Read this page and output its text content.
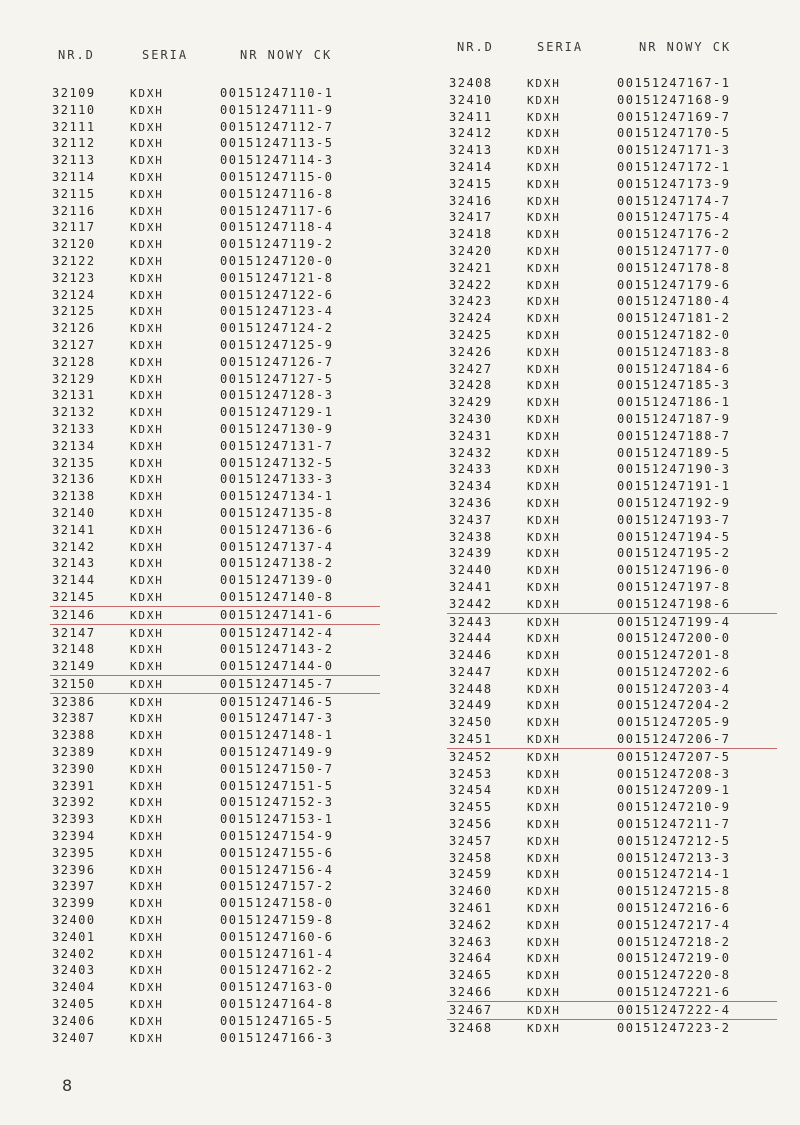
NR.D	SERIA	NR NOWY CK
32109	KDXH	00151247110-1
32110	KDXH	00151247111-9
32111	KDXH	00151247112-7
32112	KDXH	00151247113-5
32113	KDXH	00151247114-3
32114	KDXH	00151247115-0
32115	KDXH	00151247116-8
32116	KDXH	00151247117-6
32117	KDXH	00151247118-4
32120	KDXH	00151247119-2
32122	KDXH	00151247120-0
32123	KDXH	00151247121-8
32124	KDXH	00151247122-6
32125	KDXH	00151247123-4
32126	KDXH	00151247124-2
32127	KDXH	00151247125-9
32128	KDXH	00151247126-7
32129	KDXH	00151247127-5
32131	KDXH	00151247128-3
32132	KDXH	00151247129-1
32133	KDXH	00151247130-9
32134	KDXH	00151247131-7
32135	KDXH	00151247132-5
32136	KDXH	00151247133-3
32138	KDXH	00151247134-1
32140	KDXH	00151247135-8
32141	KDXH	00151247136-6
32142	KDXH	00151247137-4
32143	KDXH	00151247138-2
32144	KDXH	00151247139-0
32145	KDXH	00151247140-8
32146	KDXH	00151247141-6
32147	KDXH	00151247142-4
32148	KDXH	00151247143-2
32149	KDXH	00151247144-0
32150	KDXH	00151247145-7
32386	KDXH	00151247146-5
32387	KDXH	00151247147-3
32388	KDXH	00151247148-1
32389	KDXH	00151247149-9
32390	KDXH	00151247150-7
32391	KDXH	00151247151-5
32392	KDXH	00151247152-3
32393	KDXH	00151247153-1
32394	KDXH	00151247154-9
32395	KDXH	00151247155-6
32396	KDXH	00151247156-4
32397	KDXH	00151247157-2
32399	KDXH	00151247158-0
32400	KDXH	00151247159-8
32401	KDXH	00151247160-6
32402	KDXH	00151247161-4
32403	KDXH	00151247162-2
32404	KDXH	00151247163-0
32405	KDXH	00151247164-8
32406	KDXH	00151247165-5
32407	KDXH	00151247166-3
NR.D	SERIA	NR NOWY CK
32408	KDXH	00151247167-1
32410	KDXH	00151247168-9
32411	KDXH	00151247169-7
32412	KDXH	00151247170-5
32413	KDXH	00151247171-3
32414	KDXH	00151247172-1
32415	KDXH	00151247173-9
32416	KDXH	00151247174-7
32417	KDXH	00151247175-4
32418	KDXH	00151247176-2
32420	KDXH	00151247177-0
32421	KDXH	00151247178-8
32422	KDXH	00151247179-6
32423	KDXH	00151247180-4
32424	KDXH	00151247181-2
32425	KDXH	00151247182-0
32426	KDXH	00151247183-8
32427	KDXH	00151247184-6
32428	KDXH	00151247185-3
32429	KDXH	00151247186-1
32430	KDXH	00151247187-9
32431	KDXH	00151247188-7
32432	KDXH	00151247189-5
32433	KDXH	00151247190-3
32434	KDXH	00151247191-1
32436	KDXH	00151247192-9
32437	KDXH	00151247193-7
32438	KDXH	00151247194-5
32439	KDXH	00151247195-2
32440	KDXH	00151247196-0
32441	KDXH	00151247197-8
32442	KDXH	00151247198-6
32443	KDXH	00151247199-4
32444	KDXH	00151247200-0
32446	KDXH	00151247201-8
32447	KDXH	00151247202-6
32448	KDXH	00151247203-4
32449	KDXH	00151247204-2
32450	KDXH	00151247205-9
32451	KDXH	00151247206-7
32452	KDXH	00151247207-5
32453	KDXH	00151247208-3
32454	KDXH	00151247209-1
32455	KDXH	00151247210-9
32456	KDXH	00151247211-7
32457	KDXH	00151247212-5
32458	KDXH	00151247213-3
32459	KDXH	00151247214-1
32460	KDXH	00151247215-8
32461	KDXH	00151247216-6
32462	KDXH	00151247217-4
32463	KDXH	00151247218-2
32464	KDXH	00151247219-0
32465	KDXH	00151247220-8
32466	KDXH	00151247221-6
32467	KDXH	00151247222-4
32468	KDXH	00151247223-2
8
